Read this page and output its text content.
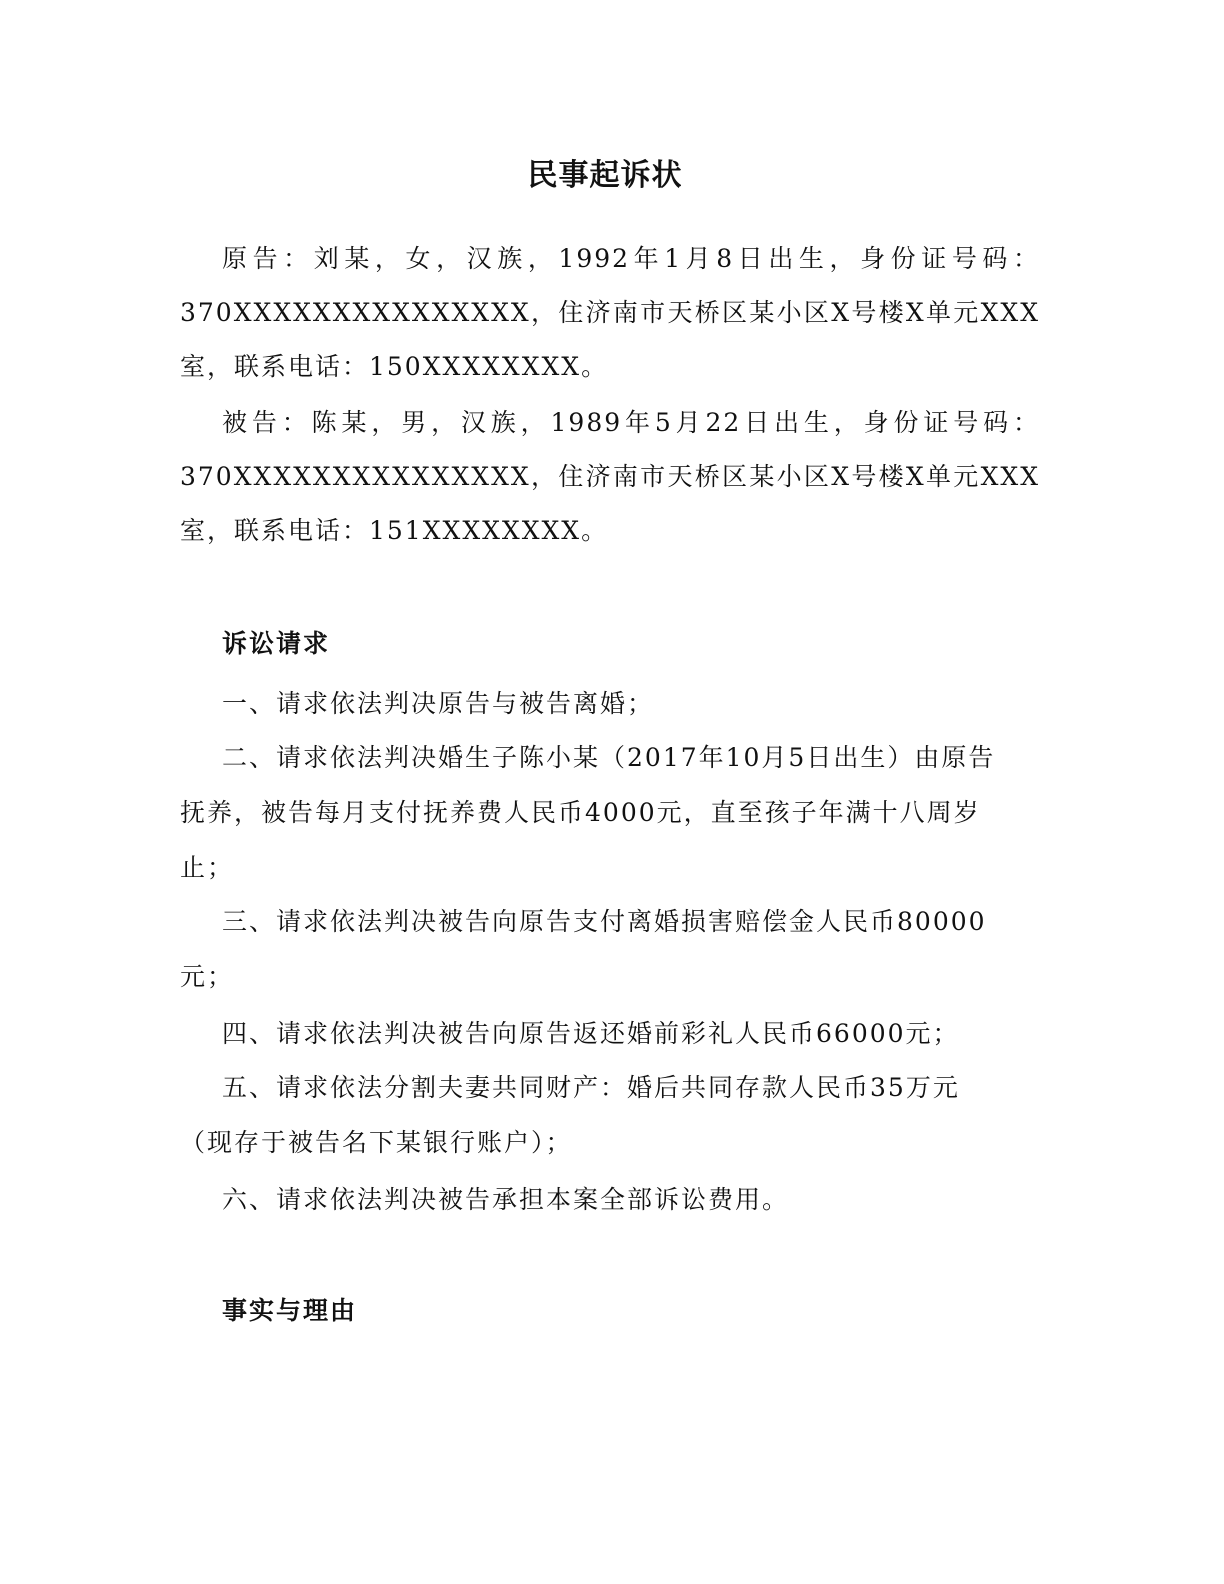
民事起诉状

原告：刘某，女，汉族，1992年1月8日出生，身份证号码：370XXXXXXXXXXXXXXX，住济南市天桥区某小区X号楼X单元XXX室，联系电话：150XXXXXXXX。

被告：陈某，男，汉族，1989年5月22日出生，身份证号码：370XXXXXXXXXXXXXXX，住济南市天桥区某小区X号楼X单元XXX室，联系电话：151XXXXXXXX。

诉讼请求

一、请求依法判决原告与被告离婚；

二、请求依法判决婚生子陈小某（2017年10月5日出生）由原告抚养，被告每月支付抚养费人民币4000元，直至孩子年满十八周岁止；

三、请求依法判决被告向原告支付离婚损害赔偿金人民币80000元；

四、请求依法判决被告向原告返还婚前彩礼人民币66000元；

五、请求依法分割夫妻共同财产：婚后共同存款人民币35万元（现存于被告名下某银行账户）；

六、请求依法判决被告承担本案全部诉讼费用。

事实与理由
